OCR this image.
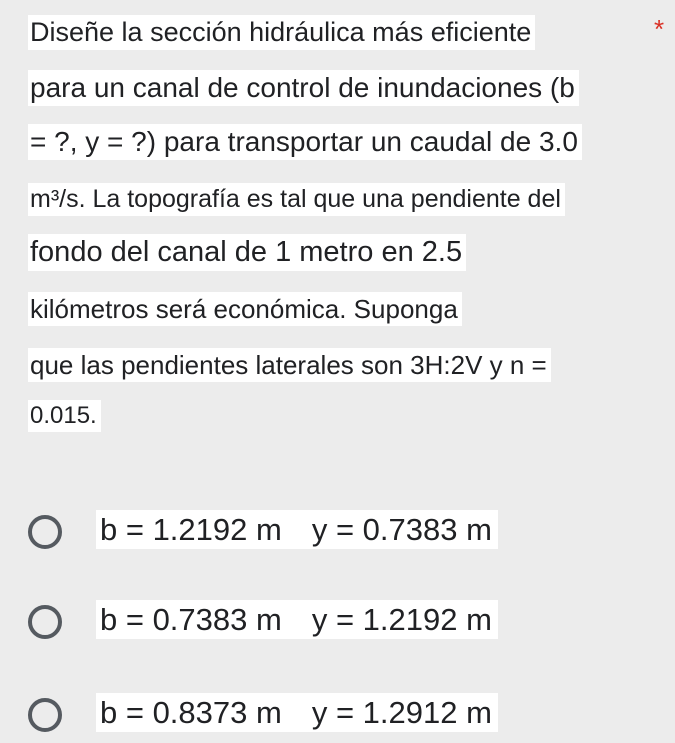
Diseñe la sección hidráulica más eficiente
para un canal de control de inundaciones (b
= ?, y = ?) para transportar un caudal de 3.0
m³/s. La topografía es tal que una pendiente del
fondo del canal de 1 metro en 2.5
kilómetros será económica. Suponga
que las pendientes laterales son 3H:2V y n =
0.015.
*
b = 1.2192 m y = 0.7383 m
b = 0.7383 m y = 1.2192 m
b = 0.8373 m y = 1.2912 m
